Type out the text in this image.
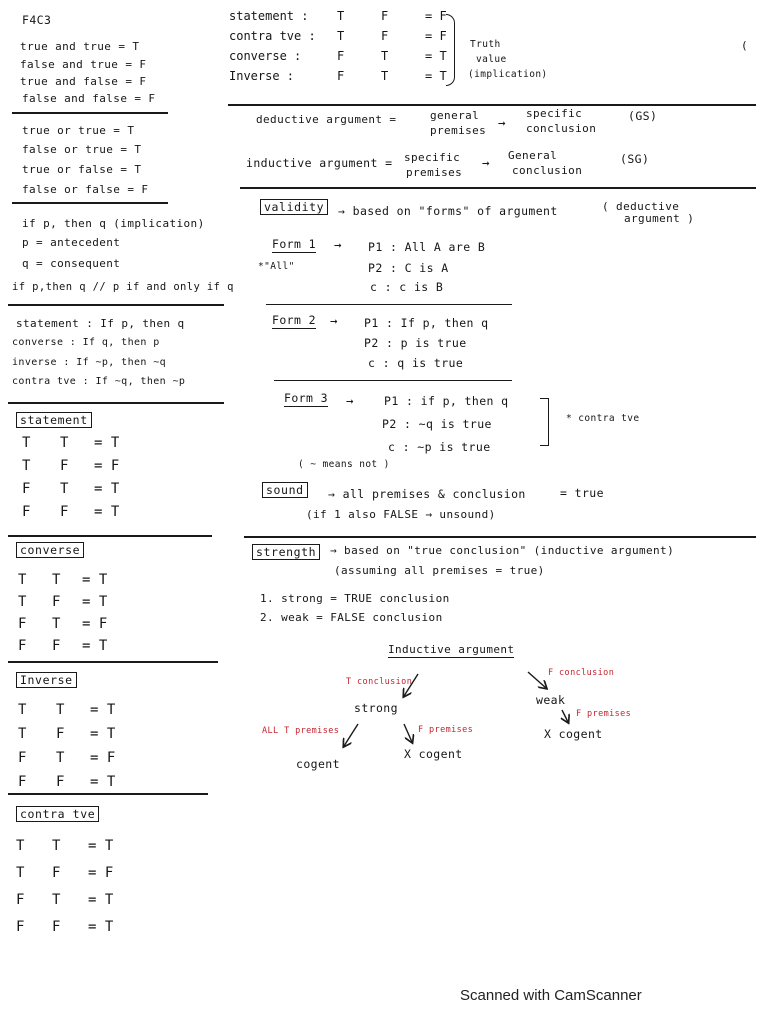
F4C3
true and true = T
false and true = F
true and false = F
false and false = F
true or true = T
false or true = T
true or false = T
false or false = F
if p, then q (implication)
p = antecedent
q = consequent
if p,then q // p if and only if q
statement : If p, then q
converse : If q, then p
inverse : If ~p, then ~q
contra tve : If ~q, then ~p
statement
T	T	= T
T	F	= F
F	T	= T
F	F	= T
converse
T	T	= T
T	F	= T
F	T	= F
F	F	= T
Inverse
T	T	= T
T	F	= T
F	T	= F
F	F	= T
contra tve
T	T	= T
T	F	= F
F	T	= T
F	F	= T
statement :	T	F	= F
contra tve :	T	F	= F
converse :	F	T	= T
Inverse :	F	T	= T
Truth
value
(implication)
(
deductive argument =	general
premises
→
specific
conclusion
(GS)
inductive argument = specific
premises
→ General
conclusion
(SG)
validity	→ based on "forms" of argument	( deductive
argument )
Form 1 →
*"All"
P1 : All A are B
P2 : C is A
c : c is B
Form 2 → P1 : If p, then q
P2 : p is true
c : q is true
Form 3 →	P1 : if p, then q
P2 : ~q is true
c : ~p is true
* contra tve
( ~ means not )
sound	→ all premises & conclusion	= true
(if 1 also FALSE → unsound)
strength	→ based on "true conclusion" (inductive argument)
(assuming all premises = true)
1. strong = TRUE conclusion
2. weak = FALSE conclusion
Inductive argument
T conclusion
F conclusion
strong
weak
ALL T premises	F premises
F premises
cogent
X cogent
X cogent
Scanned with CamScanner
